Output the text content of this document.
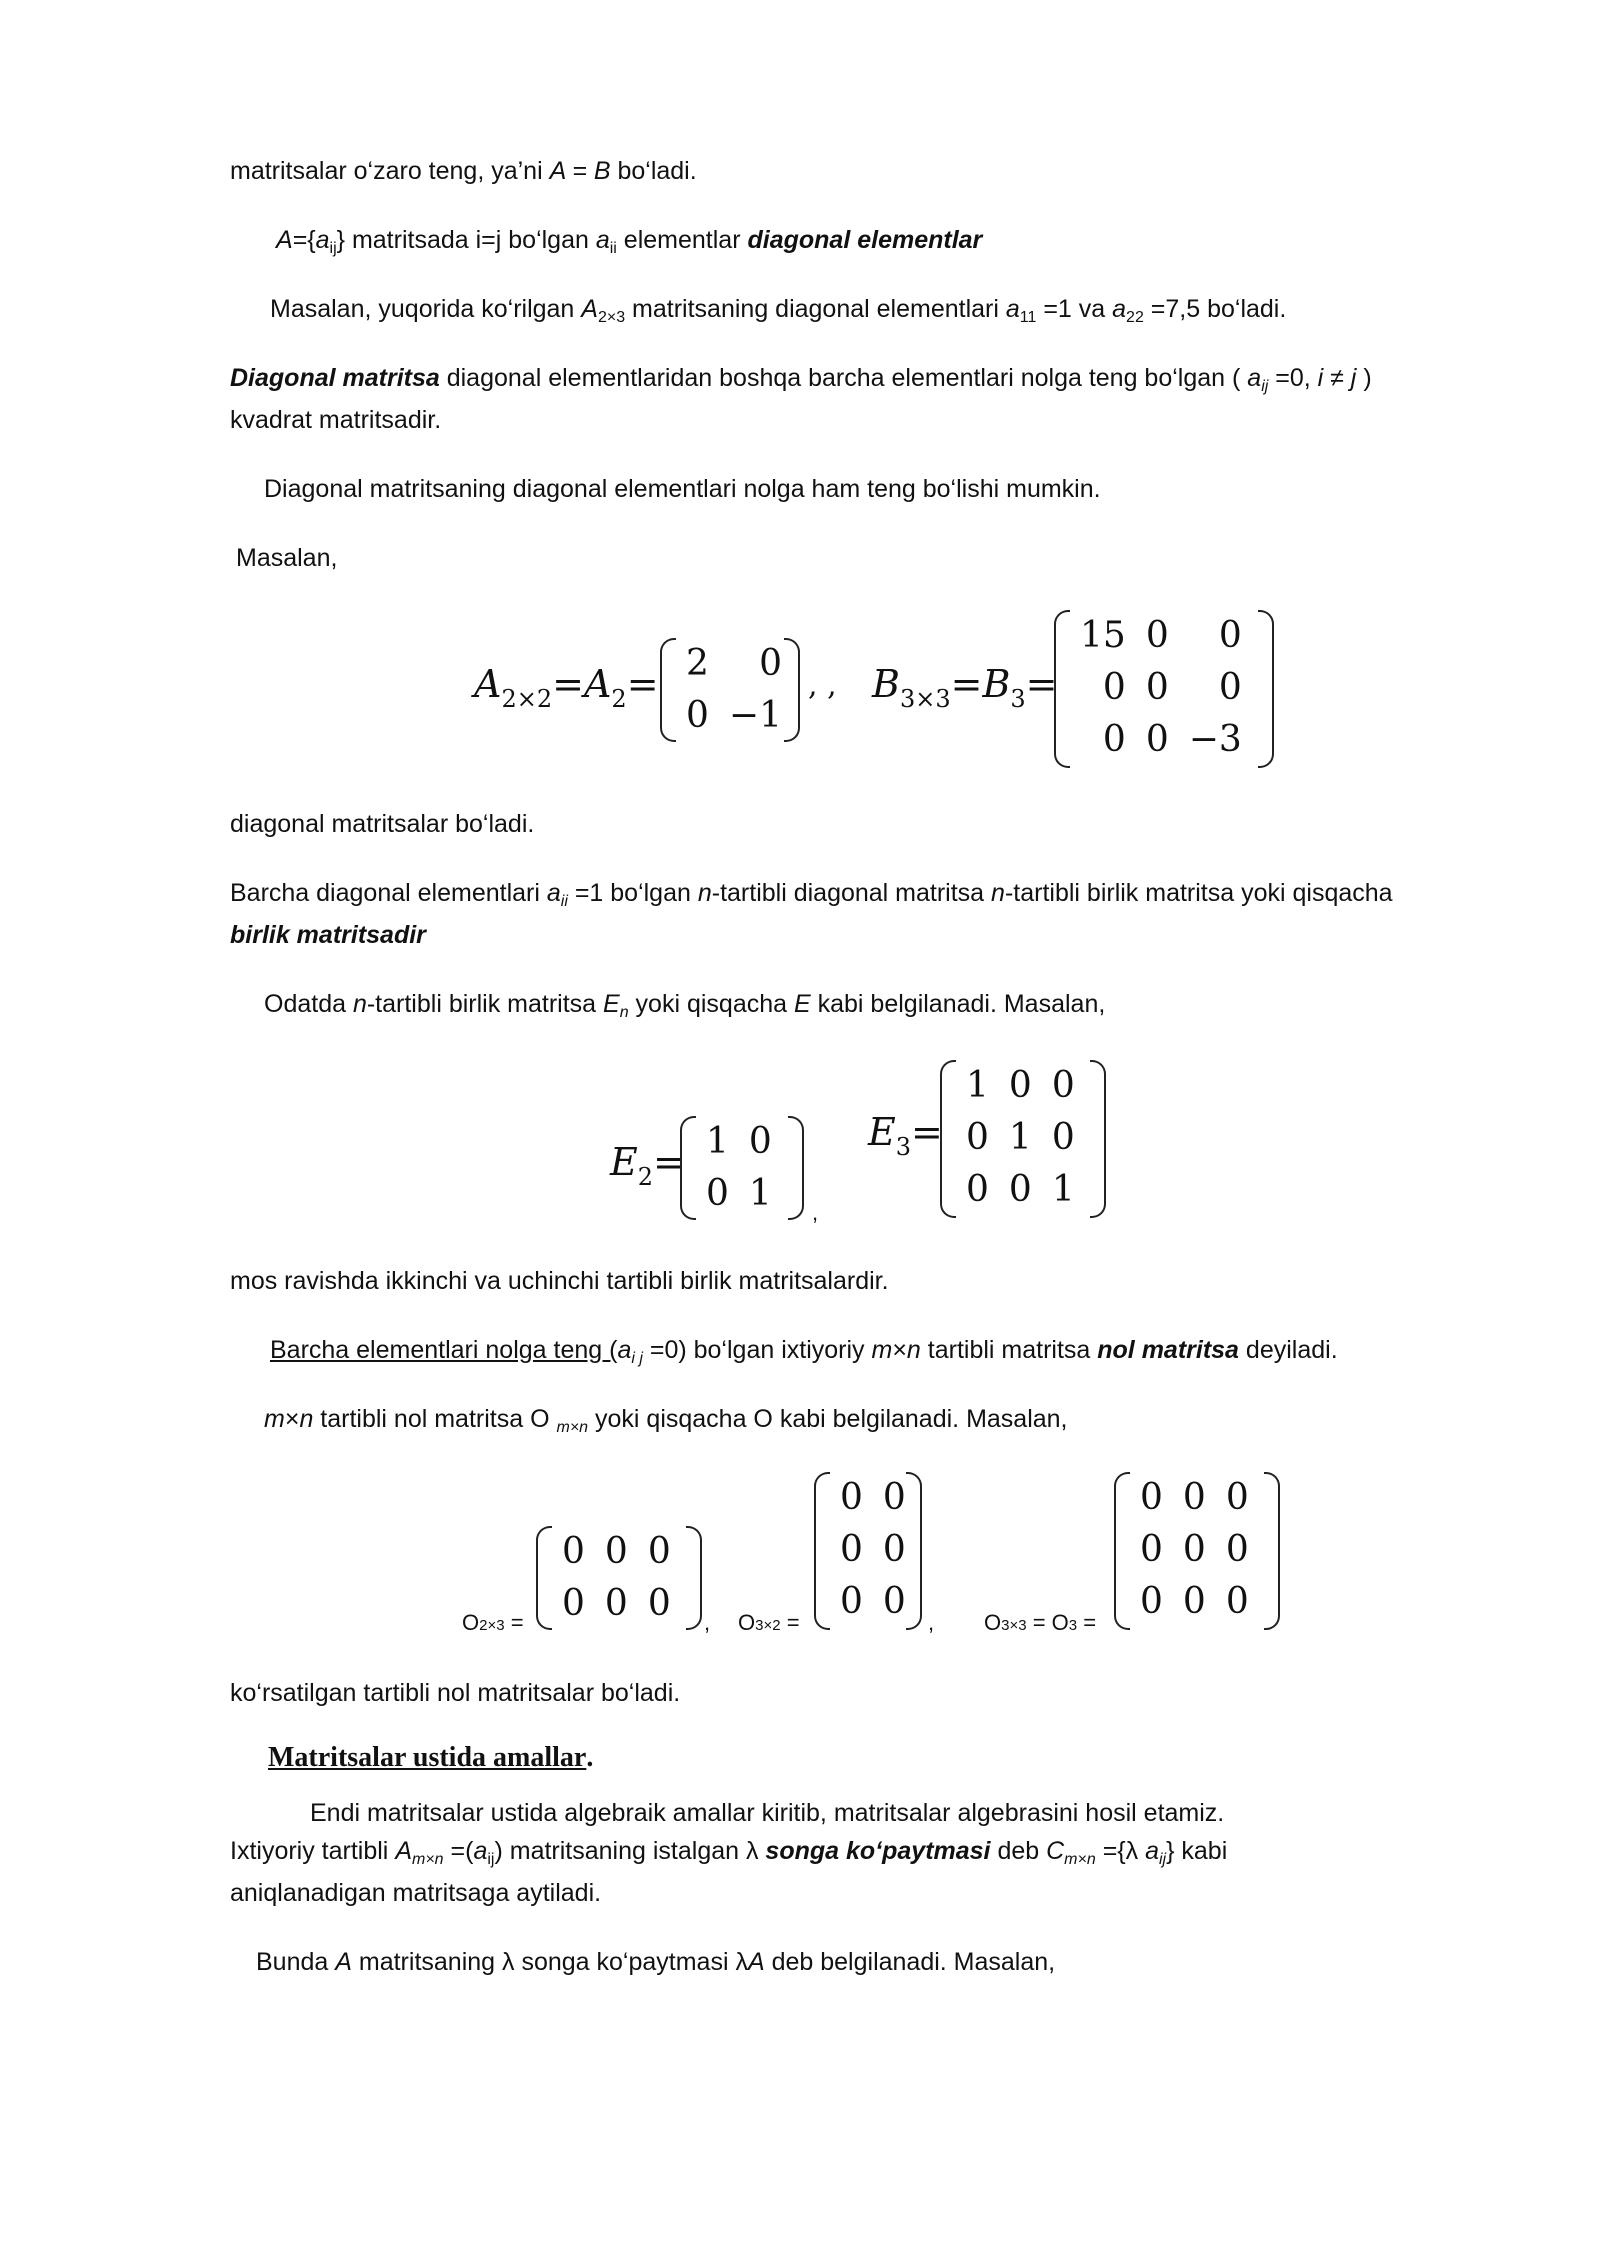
matritsalar o‘zaro teng, ya’ni A = B bo‘ladi.
$A=\{a_{ij}\}$ matritsada i=j bo‘lgan $a_{ii}$ elementlar diagonal elementlar
Masalan, yuqorida ko‘rilgan $A_{2\times 3}$ matritsaning diagonal elementlari $a_{11} =1$ va $a_{22} =7,5$ bo‘ladi.
Diagonal matritsa diagonal elementlaridan boshqa barcha elementlari nolga teng bo‘lgan ( $a_{ij} =0$, i ≠ j )
kvadrat matritsadir.
Diagonal matritsaning diagonal elementlari nolga ham teng bo‘lishi mumkin.
Masalan,
$A_{2\times 2}=A_2= 2$	0
0	−1
, , $B_{3\times 3}=B_3=$
15	0	0
0	0	0
0	0	−3
diagonal matritsalar bo‘ladi.
Barcha diagonal elementlari $a_{ii} =1$ bo‘lgan n-tartibli diagonal matritsa n-tartibli birlik matritsa yoki qisqacha
birlik matritsadir
Odatda n-tartibli birlik matritsa $E_n$ yoki qisqacha E kabi belgilanadi. Masalan,
$E_2= 1$	0
0	1 ,
$E_3=$
1	0	0
0	1	0
0	0	1
mos ravishda ikkinchi va uchinchi tartibli birlik matritsalardir.
Barcha elementlari nolga teng $(a_{i j} =0)$ bo‘lgan ixtiyoriy m×n tartibli matritsa nol matritsa deyiladi.
m×n tartibli nol matritsa O $_{m\times n}$ yoki qisqacha O kabi belgilanadi. Masalan,
O2×3 =
0	0	0
0	0	0 , O3×2 =
0	0
0	0
0	0
, O3×3 = O3 =
0	0	0
0	0	0
0	0	0
ko‘rsatilgan tartibli nol matritsalar bo‘ladi.
Matritsalar ustida amallar.
Endi matritsalar ustida algebraik amallar kiritib, matritsalar algebrasini hosil etamiz.
Ixtiyoriy tartibli $A_{m\times n} =(a_{ij})$ matritsaning istalgan λ songa ko‘paytmasi deb $C_{m\times n} =\{\lambda$ $a_{ij}$} kabi
aniqlanadigan matritsaga aytiladi.
Bunda A matritsaning λ songa ko‘paytmasi λA deb belgilanadi. Masalan,
